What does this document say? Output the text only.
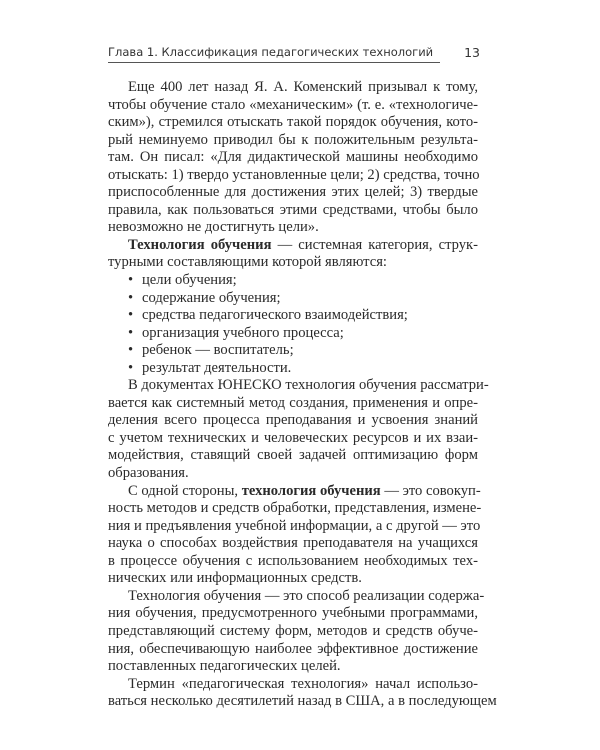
Глава 1. Классификация педагогических технологий 13
Еще 400 лет назад Я. А. Коменский призывал к тому,
чтобы обучение стало «механическим» (т. е. «технологиче-
ским»), стремился отыскать такой порядок обучения, кото-
рый неминуемо приводил бы к положительным результа-
там. Он писал: «Для дидактической машины необходимо
отыскать: 1) твердо установленные цели; 2) средства, точно
приспособленные для достижения этих целей; 3) твердые
правила, как пользоваться этими средствами, чтобы было
невозможно не достигнуть цели».
Технология обучения — системная категория, струк-
турными составляющими которой являются:
• цели обучения;
• содержание обучения;
• средства педагогического взаимодействия;
• организация учебного процесса;
• ребенок — воспитатель;
• результат деятельности.
В документах ЮНЕСКО технология обучения рассматри-
вается как системный метод создания, применения и опре-
деления всего процесса преподавания и усвоения знаний
с учетом технических и человеческих ресурсов и их взаи-
модействия, ставящий своей задачей оптимизацию форм
образования.
С одной стороны, технология обучения — это совокуп-
ность методов и средств обработки, представления, измене-
ния и предъявления учебной информации, а с другой — это
наука о способах воздействия преподавателя на учащихся
в процессе обучения с использованием необходимых тех-
нических или информационных средств.
Технология обучения — это способ реализации содержа-
ния обучения, предусмотренного учебными программами,
представляющий систему форм, методов и средств обуче-
ния, обеспечивающую наиболее эффективное достижение
поставленных педагогических целей.
Термин «педагогическая технология» начал использо-
ваться несколько десятилетий назад в США, а в последующем
